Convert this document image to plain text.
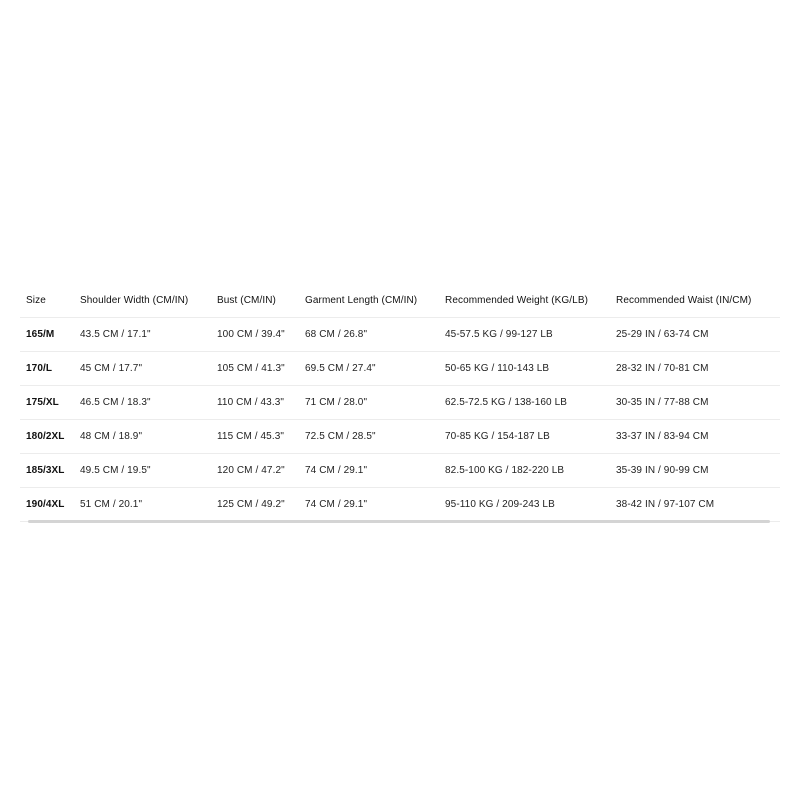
Size	Shoulder Width (CM/IN)	Bust (CM/IN)	Garment Length (CM/IN)	Recommended Weight (KG/LB)	Recommended Waist (IN/CM)
165/M	43.5 CM / 17.1"	100 CM / 39.4"	68 CM / 26.8"	45-57.5 KG / 99-127 LB	25-29 IN / 63-74 CM
170/L	45 CM / 17.7"	105 CM / 41.3"	69.5 CM / 27.4"	50-65 KG / 110-143 LB	28-32 IN / 70-81 CM
175/XL	46.5 CM / 18.3"	110 CM / 43.3"	71 CM / 28.0"	62.5-72.5 KG / 138-160 LB	30-35 IN / 77-88 CM
180/2XL	48 CM / 18.9"	115 CM / 45.3"	72.5 CM / 28.5"	70-85 KG / 154-187 LB	33-37 IN / 83-94 CM
185/3XL	49.5 CM / 19.5"	120 CM / 47.2"	74 CM / 29.1"	82.5-100 KG / 182-220 LB	35-39 IN / 90-99 CM
190/4XL	51 CM / 20.1"	125 CM / 49.2"	74 CM / 29.1"	95-110 KG / 209-243 LB	38-42 IN / 97-107 CM
